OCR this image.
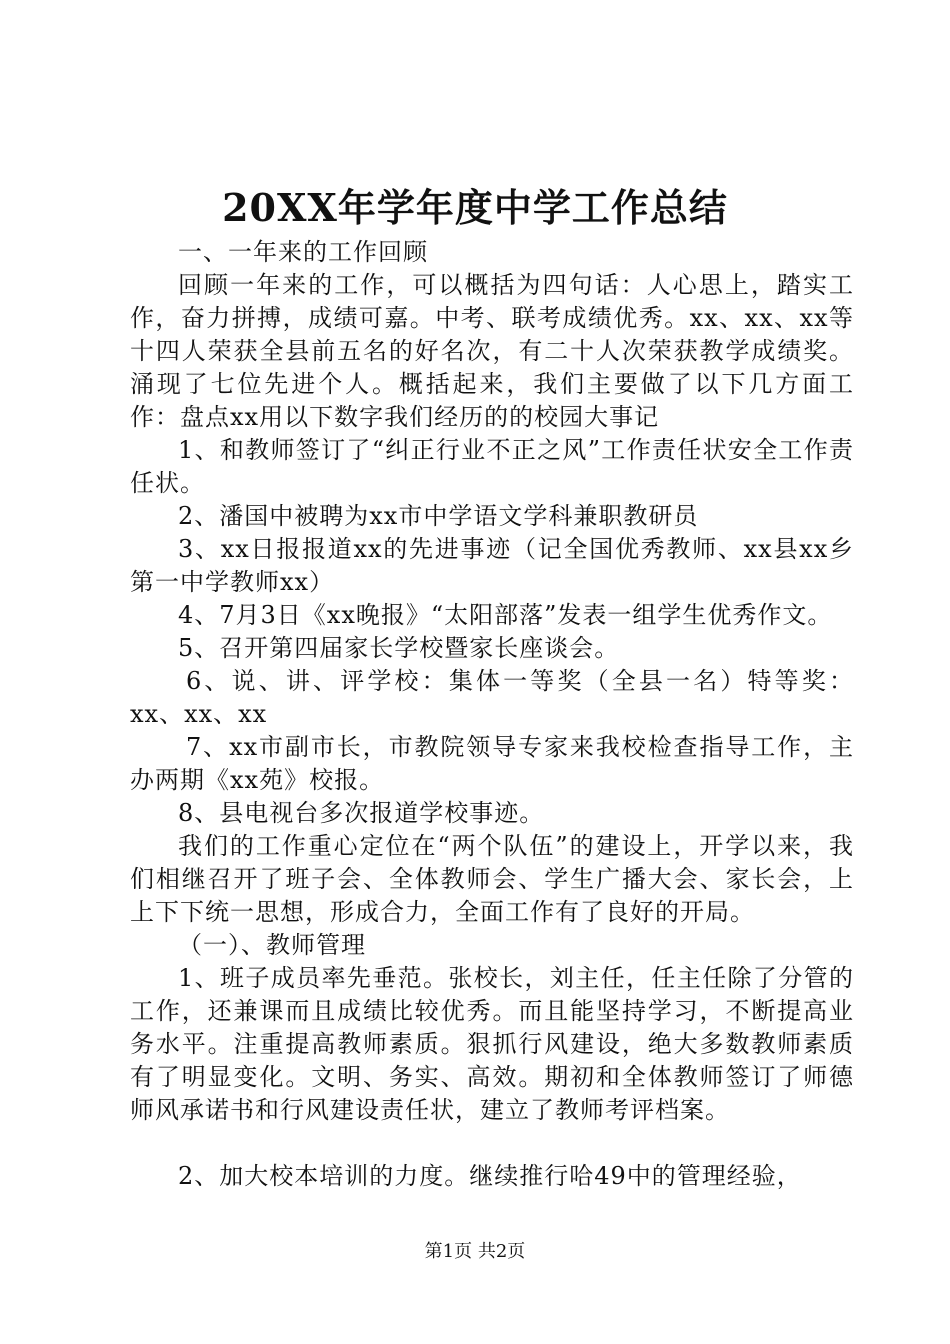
20XX年学年度中学工作总结

一、一年来的工作回顾

回顾一年来的工作，可以概括为四句话：人心思上，踏实工作，奋力拼搏，成绩可嘉。中考、联考成绩优秀。xx、xx、xx等十四人荣获全县前五名的好名次，有二十人次荣获教学成绩奖。涌现了七位先进个人。概括起来，我们主要做了以下几方面工作：盘点xx用以下数字我们经历的的校园大事记

1、和教师签订了“纠正行业不正之风”工作责任状安全工作责任状。

2、潘国中被聘为xx市中学语文学科兼职教研员

3、xx日报报道xx的先进事迹（记全国优秀教师、xx县xx乡第一中学教师xx）

4、7月3日《xx晚报》“太阳部落”发表一组学生优秀作文。

5、召开第四届家长学校暨家长座谈会。

6、说、讲、评学校：集体一等奖（全县一名）特等奖：xx、xx、xx

7、xx市副市长，市教院领导专家来我校检查指导工作，主办两期《xx苑》校报。

8、县电视台多次报道学校事迹。

我们的工作重心定位在“两个队伍”的建设上，开学以来，我们相继召开了班子会、全体教师会、学生广播大会、家长会，上上下下统一思想，形成合力，全面工作有了良好的开局。

（一）、教师管理

1、班子成员率先垂范。张校长，刘主任，任主任除了分管的工作，还兼课而且成绩比较优秀。而且能坚持学习，不断提高业务水平。注重提高教师素质。狠抓行风建设，绝大多数教师素质有了明显变化。文明、务实、高效。期初和全体教师签订了师德师风承诺书和行风建设责任状，建立了教师考评档案。

2、加大校本培训的力度。继续推行哈49中的管理经验，

第1页 共2页
